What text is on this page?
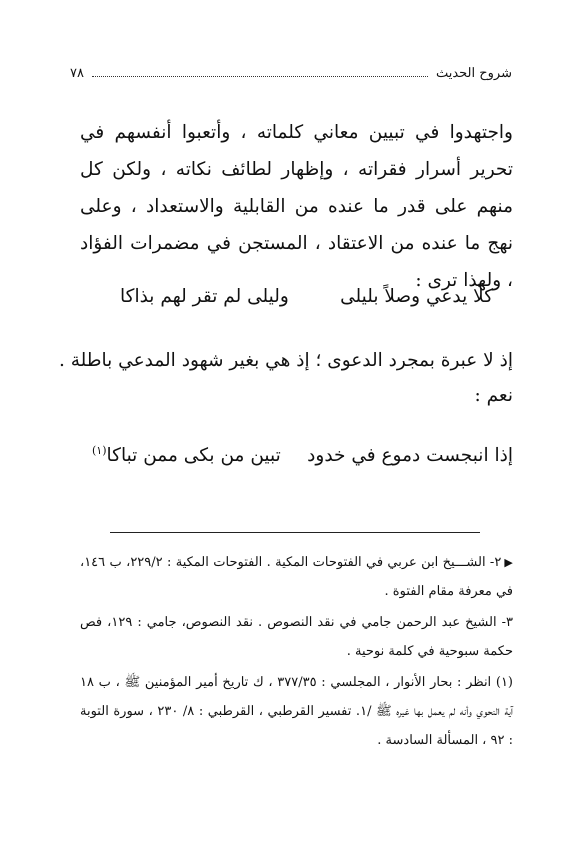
شروح الحديث
٧٨

واجتهدوا في تبيين معاني كلماته ، وأتعبوا أنفسهم في تحرير أسرار فقراته ، وإظهار لطائف نكاته ، ولكن كل منهم على قدر ما عنده من القابلية والاستعداد ، وعلى نهج ما عنده من الاعتقاد ، المستجن في مضمرات الفؤاد ، ولهذا ترى :

كلًا يدعي وصلاً بليلى
وليلى لم تقر لهم بذاكا

إذ لا عبرة بمجرد الدعوى ؛ إذ هي بغير شهود المدعي باطلة .

نعم :

إذا انبجست دموع في خدود
تبين من بكى ممن تباكا$^{(١)}$

▶٢- الشـــيخ ابن عربي في الفتوحات المكية . الفتوحات المكية : ٢٢٩/٢، ب ١٤٦، في معرفة مقام الفتوة .

٣- الشيخ عبد الرحمن جامي في نقد النصوص . نقد النصوص، جامي : ١٢٩، فص حكمة سبوحية في كلمة نوحية .

(١) انظر : بحار الأنوار ، المجلسي : ٣٧٧/٣٥ ، ك تاريخ أمير المؤمنين ﷺ ، ب ١٨ آية النحوي وأنه لم يعمل بها غيره ﷺ /١. تفسير القرطبي ، القرطبي : ٨/ ٢٣٠ ، سورة التوبة : ٩٢ ، المسألة السادسة .
